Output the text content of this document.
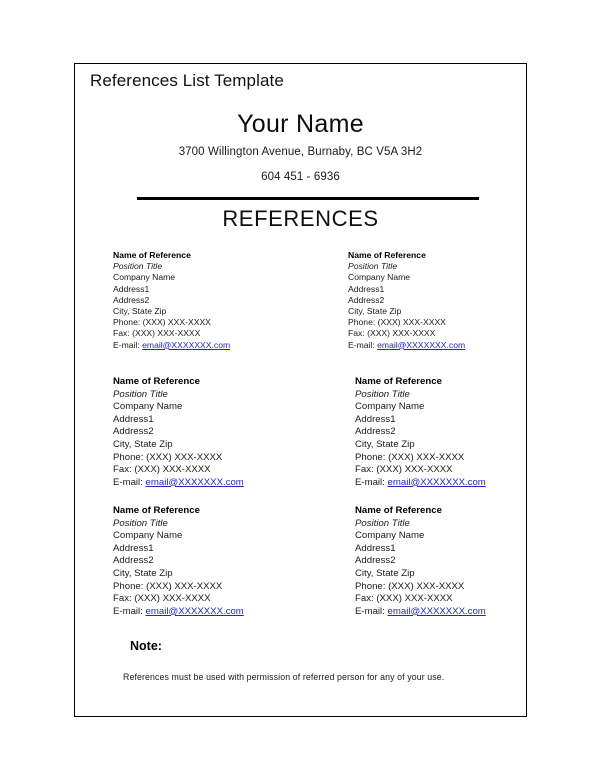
References List Template
Your Name
3700 Willington Avenue, Burnaby, BC V5A 3H2
604 451 - 6936
REFERENCES
Name of Reference
Position Title
Company Name
Address1
Address2
City, State Zip
Phone: (XXX) XXX-XXXX
Fax: (XXX) XXX-XXXX
E-mail: email@XXXXXXX.com
Name of Reference
Position Title
Company Name
Address1
Address2
City, State Zip
Phone: (XXX) XXX-XXXX
Fax: (XXX) XXX-XXXX
E-mail: email@XXXXXXX.com
Name of Reference
Position Title
Company Name
Address1
Address2
City, State Zip
Phone: (XXX) XXX-XXXX
Fax: (XXX) XXX-XXXX
E-mail: email@XXXXXXX.com
Name of Reference
Position Title
Company Name
Address1
Address2
City, State Zip
Phone: (XXX) XXX-XXXX
Fax: (XXX) XXX-XXXX
E-mail: email@XXXXXXX.com
Name of Reference
Position Title
Company Name
Address1
Address2
City, State Zip
Phone: (XXX) XXX-XXXX
Fax: (XXX) XXX-XXXX
E-mail: email@XXXXXXX.com
Name of Reference
Position Title
Company Name
Address1
Address2
City, State Zip
Phone: (XXX) XXX-XXXX
Fax: (XXX) XXX-XXXX
E-mail: email@XXXXXXX.com
Note:
References must be used with permission of referred person for any of your use.
